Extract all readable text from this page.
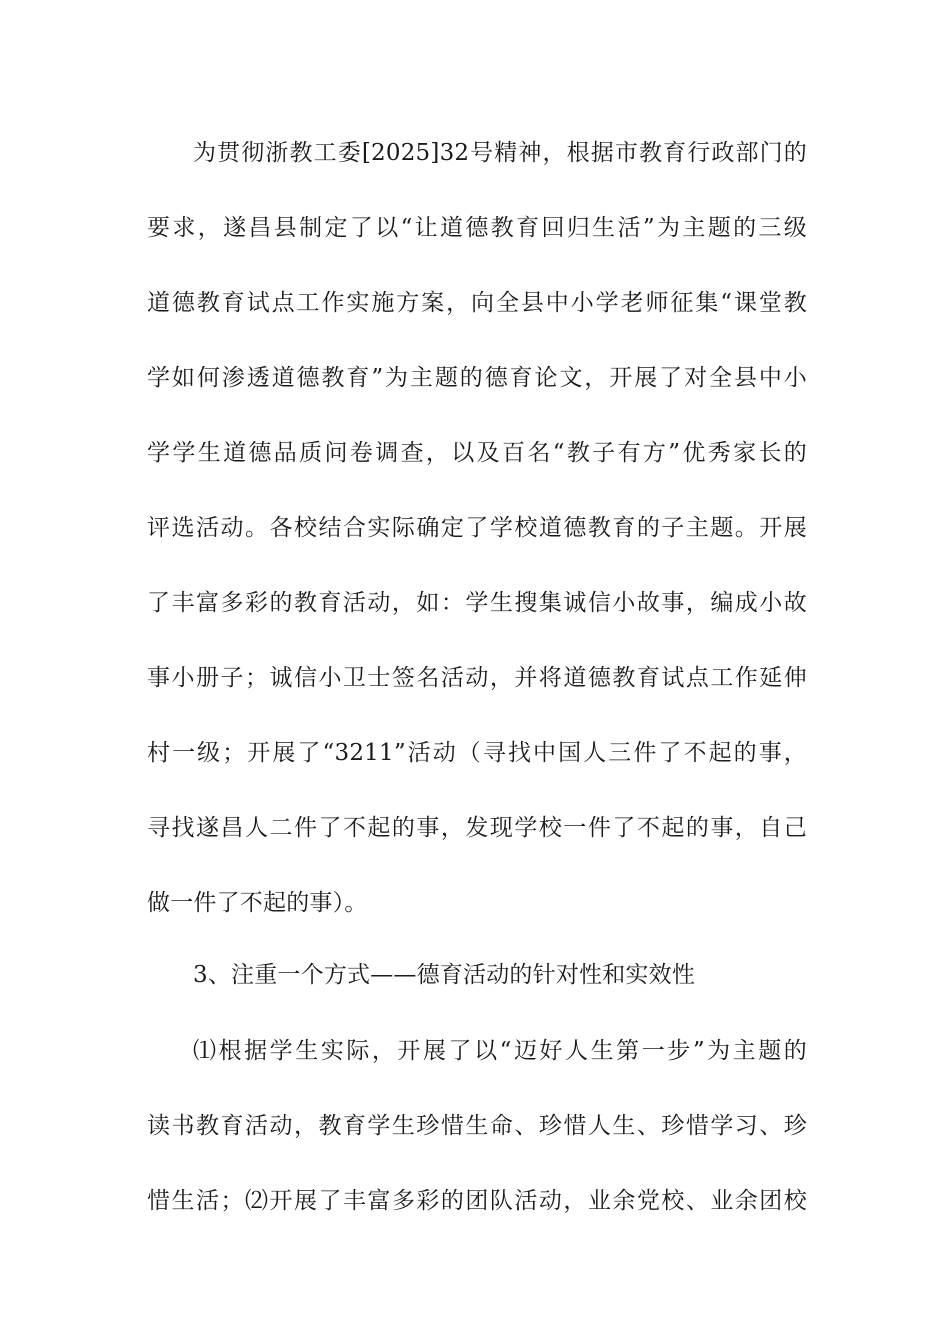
为贯彻浙教工委[2025]32号精神，根据市教育行政部门的
要求，遂昌县制定了以“让道德教育回归生活”为主题的三级
道德教育试点工作实施方案，向全县中小学老师征集“课堂教
学如何渗透道德教育”为主题的德育论文，开展了对全县中小
学学生道德品质问卷调查，以及百名“教子有方”优秀家长的
评选活动。各校结合实际确定了学校道德教育的子主题。开展
了丰富多彩的教育活动，如：学生搜集诚信小故事，编成小故
事小册子；诚信小卫士签名活动，并将道德教育试点工作延伸
村一级；开展了“3211”活动（寻找中国人三件了不起的事，
寻找遂昌人二件了不起的事，发现学校一件了不起的事，自己
做一件了不起的事）。
3、注重一个方式——德育活动的针对性和实效性
⑴根据学生实际，开展了以“迈好人生第一步”为主题的
读书教育活动，教育学生珍惜生命、珍惜人生、珍惜学习、珍
惜生活；⑵开展了丰富多彩的团队活动，业余党校、业余团校
